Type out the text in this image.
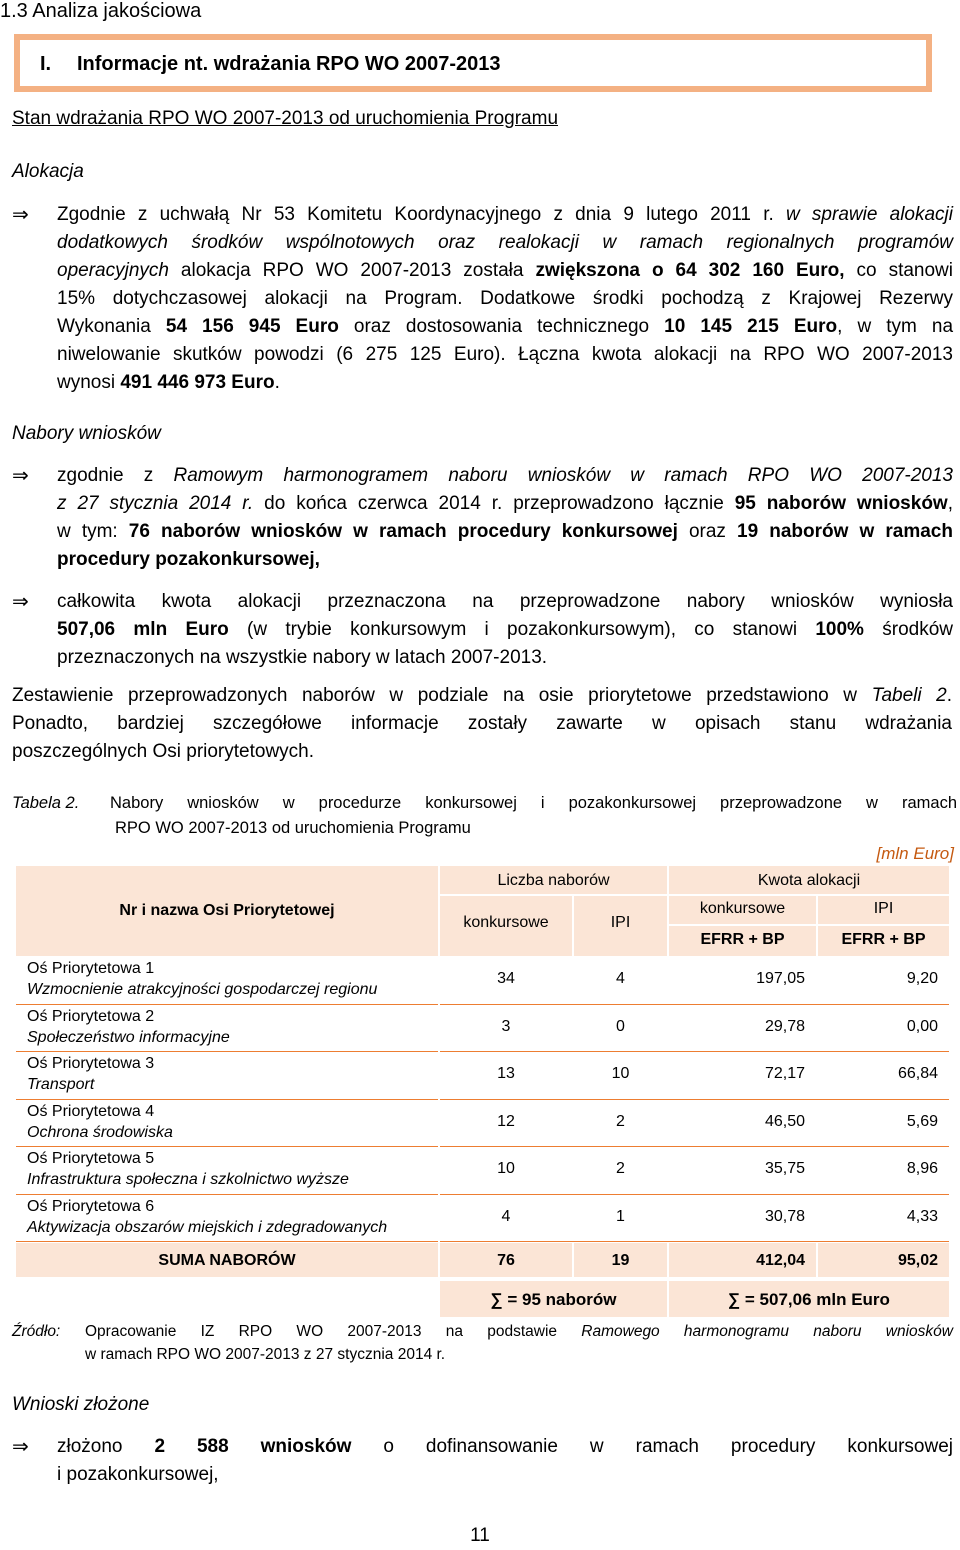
1.3 Analiza jakościowa
I. Informacje nt. wdrażania RPO WO 2007-2013
Stan wdrażania RPO WO 2007-2013 od uruchomienia Programu
Alokacja
⇒ Zgodnie z uchwałą Nr 53 Komitetu Koordynacyjnego z dnia 9 lutego 2011 r. w sprawie alokacji
dodatkowych środków wspólnotowych oraz realokacji w ramach regionalnych programów
operacyjnych alokacja RPO WO 2007-2013 została zwiększona o 64 302 160 Euro, co stanowi
15% dotychczasowej alokacji na Program. Dodatkowe środki pochodzą z Krajowej Rezerwy
Wykonania 54 156 945 Euro oraz dostosowania technicznego 10 145 215 Euro, w tym na
niwelowanie skutków powodzi (6 275 125 Euro). Łączna kwota alokacji na RPO WO 2007-2013
wynosi 491 446 973 Euro.
Nabory wniosków
⇒ zgodnie z Ramowym harmonogramem naboru wniosków w ramach RPO WO 2007-2013
z 27 stycznia 2014 r. do końca czerwca 2014 r. przeprowadzono łącznie 95 naborów wniosków,
w tym: 76 naborów wniosków w ramach procedury konkursowej oraz 19 naborów w ramach
procedury pozakonkursowej,
⇒ całkowita kwota alokacji przeznaczona na przeprowadzone nabory wniosków wyniosła
507,06 mln Euro (w trybie konkursowym i pozakonkursowym), co stanowi 100% środków
przeznaczonych na wszystkie nabory w latach 2007-2013.
Zestawienie przeprowadzonych naborów w podziale na osie priorytetowe przedstawiono w Tabeli 2.
Ponadto, bardziej szczegółowe informacje zostały zawarte w opisach stanu wdrażania
poszczególnych Osi priorytetowych.
Tabela 2. Nabory wniosków w procedurze konkursowej i pozakonkursowej przeprowadzone w ramach
RPO WO 2007-2013 od uruchomienia Programu
[mln Euro]
Nr i nazwa Osi Priorytetowej
Liczba naborów	Kwota alokacji
konkursowe	IPI
konkursowe	IPI
EFRR + BP	EFRR + BP
Oś Priorytetowa 1
Wzmocnienie atrakcyjności gospodarczej regionu
34	4	197,05	9,20
Oś Priorytetowa 2
Społeczeństwo informacyjne
3	0	29,78	0,00
Oś Priorytetowa 3
Transport
13	10	72,17	66,84
Oś Priorytetowa 4
Ochrona środowiska
12	2	46,50	5,69
Oś Priorytetowa 5
Infrastruktura społeczna i szkolnictwo wyższe
10	2	35,75	8,96
Oś Priorytetowa 6
Aktywizacja obszarów miejskich i zdegradowanych
4	1	30,78	4,33
SUMA NABORÓW	76	19	412,04	95,02
∑ = 95 naborów	∑ = 507,06 mln Euro
Źródło: Opracowanie IZ RPO WO 2007-2013 na podstawie Ramowego harmonogramu naboru wniosków
w ramach RPO WO 2007-2013 z 27 stycznia 2014 r.
Wnioski złożone
⇒ złożono 2 588 wniosków o dofinansowanie w ramach procedury konkursowej
i pozakonkursowej,
11
